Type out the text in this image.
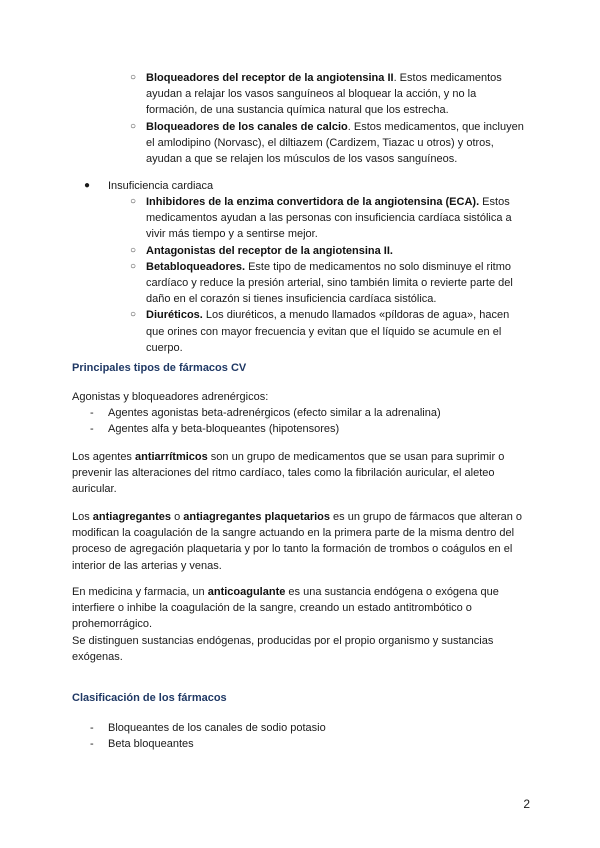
○ Bloqueadores del receptor de la angiotensina II. Estos medicamentos ayudan a relajar los vasos sanguíneos al bloquear la acción, y no la formación, de una sustancia química natural que los estrecha.

○ Bloqueadores de los canales de calcio. Estos medicamentos, que incluyen el amlodipino (Norvasc), el diltiazem (Cardizem, Tiazac u otros) y otros, ayudan a que se relajen los músculos de los vasos sanguíneos.

● Insuficiencia cardiaca

○ Inhibidores de la enzima convertidora de la angiotensina (ECA). Estos medicamentos ayudan a las personas con insuficiencia cardíaca sistólica a vivir más tiempo y a sentirse mejor.

○ Antagonistas del receptor de la angiotensina II.

○ Betabloqueadores. Este tipo de medicamentos no solo disminuye el ritmo cardíaco y reduce la presión arterial, sino también limita o revierte parte del daño en el corazón si tienes insuficiencia cardíaca sistólica.

○ Diuréticos. Los diuréticos, a menudo llamados «píldoras de agua», hacen que orines con mayor frecuencia y evitan que el líquido se acumule en el cuerpo.

Principales tipos de fármacos CV

Agonistas y bloqueadores adrenérgicos:

- Agentes agonistas beta-adrenérgicos (efecto similar a la adrenalina)

- Agentes alfa y beta-bloqueantes (hipotensores)

Los agentes antiarrítmicos son un grupo de medicamentos que se usan para suprimir o prevenir las alteraciones del ritmo cardíaco, tales como la fibrilación auricular, el aleteo auricular.

Los antiagregantes o antiagregantes plaquetarios es un grupo de fármacos que alteran o modifican la coagulación de la sangre actuando en la primera parte de la misma dentro del proceso de agregación plaquetaria y por lo tanto la formación de trombos o coágulos en el interior de las arterias y venas.

En medicina y farmacia, un anticoagulante es una sustancia endógena o exógena que interfiere o inhibe la coagulación de la sangre, creando un estado antitrombótico o prohemorrágico.

Se distinguen sustancias endógenas, producidas por el propio organismo y sustancias exógenas.

Clasificación de los fármacos

- Bloqueantes de los canales de sodio potasio

- Beta bloqueantes

2
